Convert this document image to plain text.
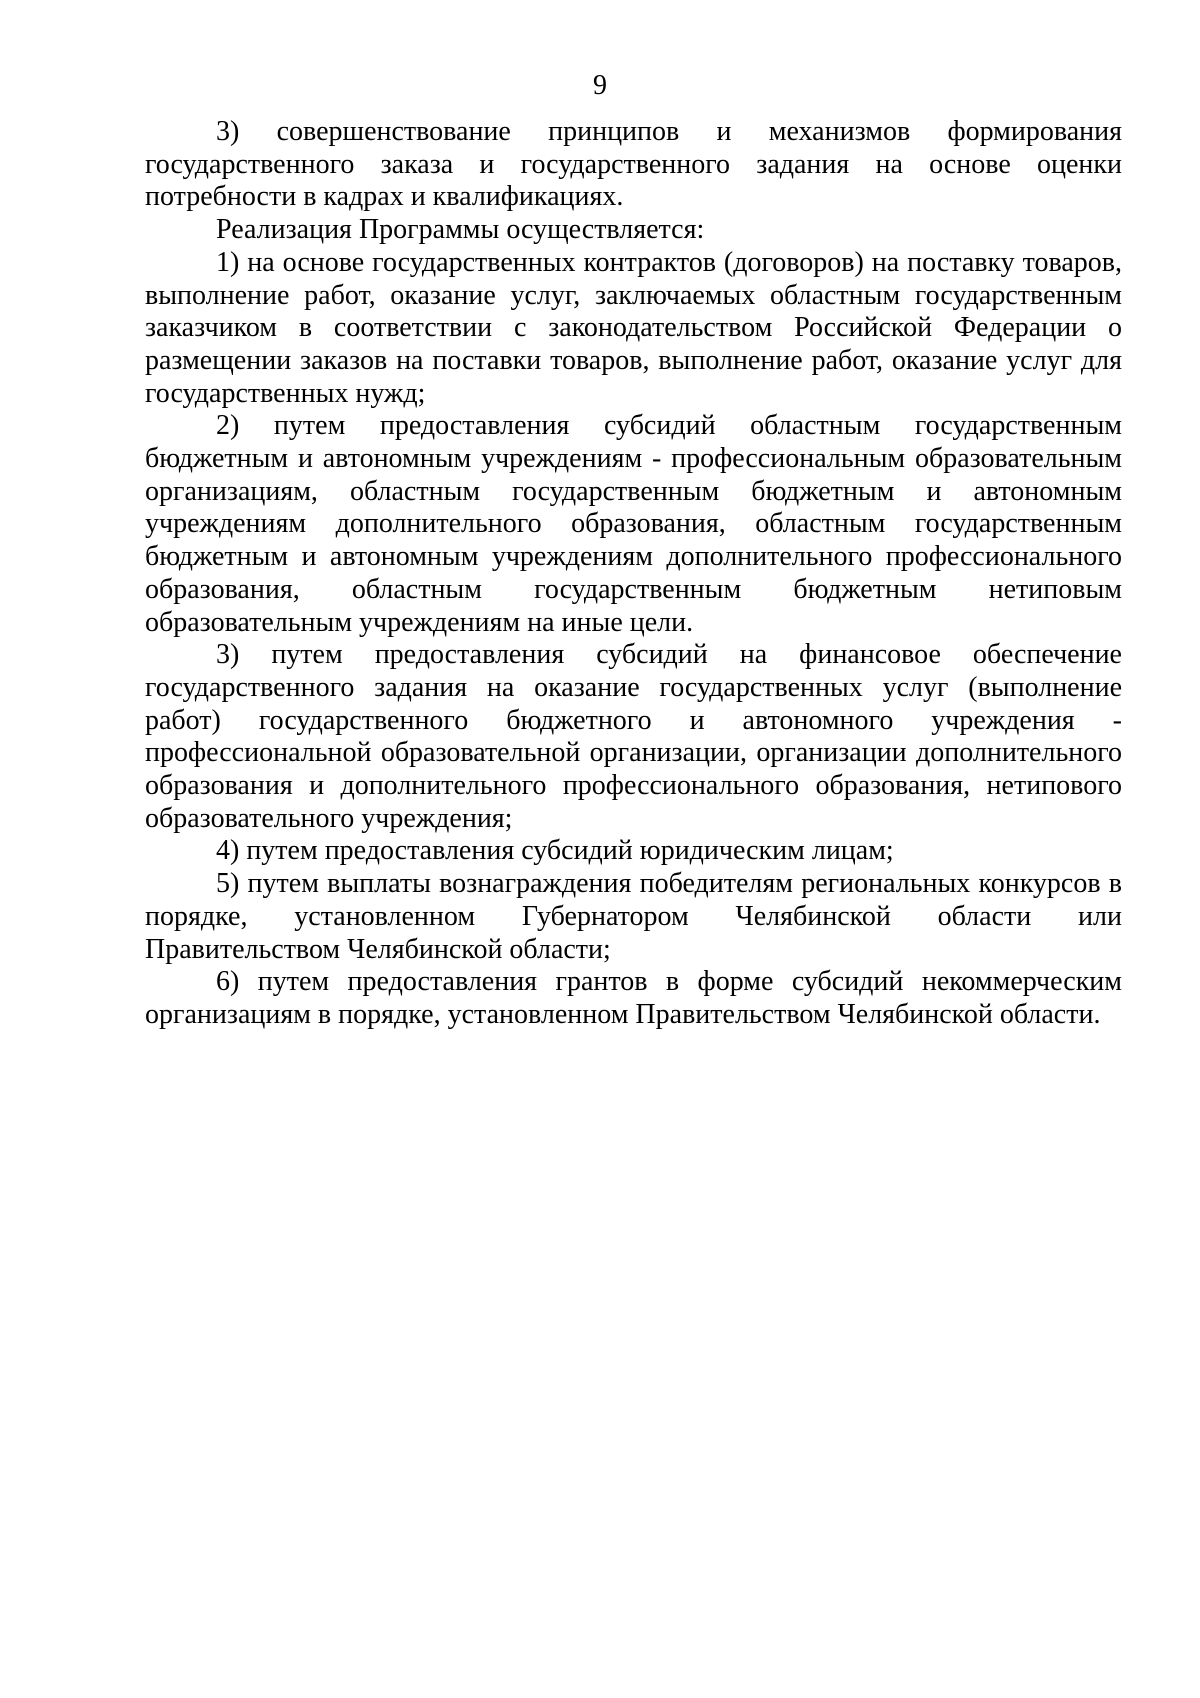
9

3) совершенствование принципов и механизмов формирования государственного заказа и государственного задания на основе оценки потребности в кадрах и квалификациях.

Реализация Программы осуществляется:

1) на основе государственных контрактов (договоров) на поставку товаров, выполнение работ, оказание услуг, заключаемых областным государственным заказчиком в соответствии с законодательством Российской Федерации о размещении заказов на поставки товаров, выполнение работ, оказание услуг для государственных нужд;

2) путем предоставления субсидий областным государственным бюджетным и автономным учреждениям - профессиональным образовательным организациям, областным государственным бюджетным и автономным учреждениям дополнительного образования, областным государственным бюджетным и автономным учреждениям дополнительного профессионального образования, областным государственным бюджетным нетиповым образовательным учреждениям на иные цели.

3) путем предоставления субсидий на финансовое обеспечение государственного задания на оказание государственных услуг (выполнение работ) государственного бюджетного и автономного учреждения - профессиональной образовательной организации, организации дополнительного образования и дополнительного профессионального образования, нетипового образовательного учреждения;

4) путем предоставления субсидий юридическим лицам;

5) путем выплаты вознаграждения победителям региональных конкурсов в порядке, установленном Губернатором Челябинской области или Правительством Челябинской области;

6) путем предоставления грантов в форме субсидий некоммерческим организациям в порядке, установленном Правительством Челябинской области.
